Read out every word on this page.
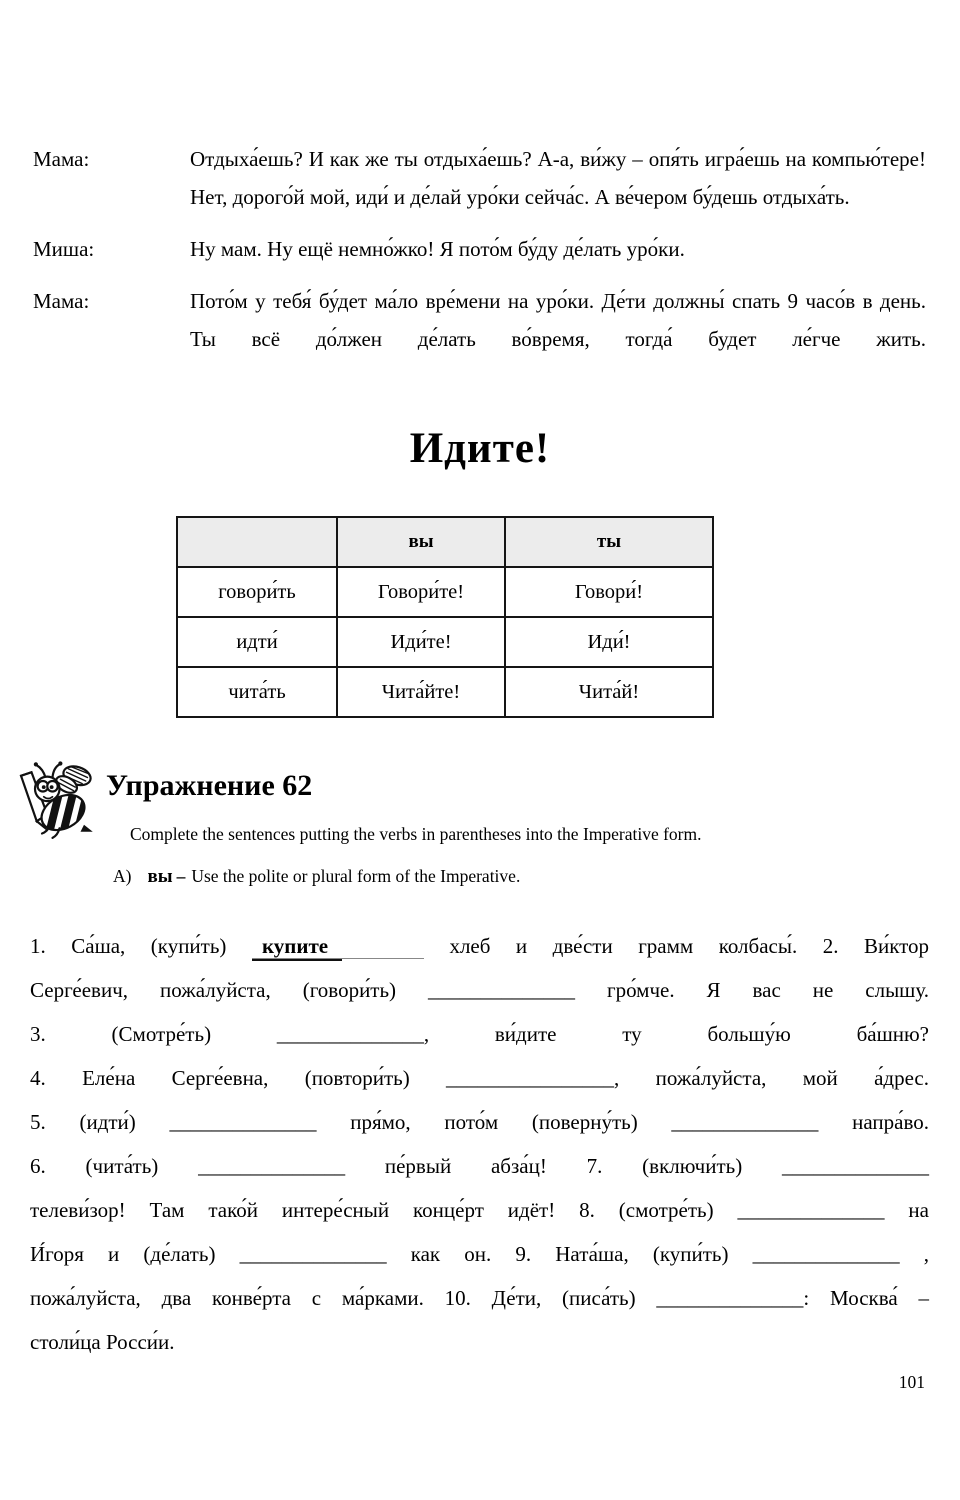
Мама:	Отдыха́ешь? И как же ты отдыха́ешь? А-а, ви́жу – опя́ть игра́ешь на компью́тере! Нет, дорого́й мой, иди́ и де́лай уро́ки сейча́с. А ве́чером бу́дешь отдыха́ть.
Миша:	Ну мам. Ну ещё немно́жко! Я пото́м бу́ду де́лать уро́ки.
Мама:	Пото́м у тебя́ бу́дет ма́ло вре́мени на уро́ки. Де́ти должны́ спать 9 часо́в в день. Ты всё до́лжен де́лать во́время, тогда́ будет ле́гче жить.
Идите!
	вы	ты
говори́ть	Говори́те!	Говори́!
идти́	Иди́те!	Иди́!
чита́ть	Чита́йте!	Чита́й!
Упражнение 62

Complete the sentences putting the verbs in parentheses into the Imperative form.

A) вы – Use the polite or plural form of the Imperative.

1. Са́ша, (купи́ть) купите	хлеб и две́сти грамм колбасы́. 2. Ви́ктор
Серге́евич, пожа́луйста, (говори́ть) ______________ гро́мче. Я вас не слышу.
3. (Смотре́ть) ______________, ви́дите ту большу́ю ба́шню?
4. Еле́на Серге́евна, (повтори́ть) ________________, пожа́луйста, мой а́дрес.
5. (идти́) ______________ пря́мо, пото́м (поверну́ть) ______________ напра́во.
6. (чита́ть) ______________ пе́рвый абза́ц! 7. (включи́ть) ______________
телеви́зор! Там тако́й интере́сный конце́рт идёт! 8. (смотре́ть) ______________ на
И́горя и (де́лать) ______________ как он. 9. Ната́ша, (купи́ть) ______________ ,
пожа́луйста, два конве́рта с ма́рками. 10. Де́ти, (писа́ть) ______________: Москва́ –
столи́ца Росси́и.
101
